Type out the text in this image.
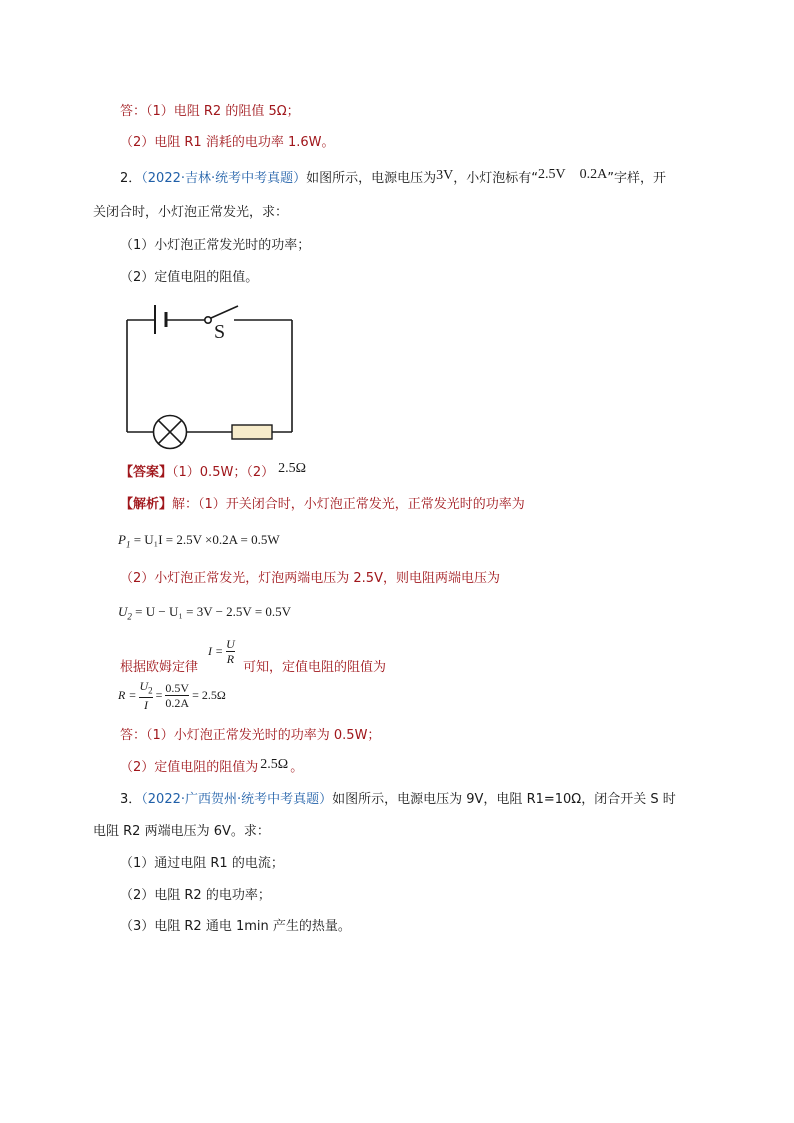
答：（1）电阻 R2 的阻值 5Ω；
（2）电阻 R1 消耗的电功率 1.6W。
2．（2022·吉林·统考中考真题）如图所示，电源电压为3V，小灯泡标有“2.5V 0.2A”字样，开
关闭合时，小灯泡正常发光，求：
（1）小灯泡正常发光时的功率；
（2）定值电阻的阻值。
S
【答案】（1）0.5W；（2） 2.5Ω
【解析】解：（1）开关闭合时，小灯泡正常发光，正常发光时的功率为
$P_1 = U_1I = 2.5V \times 0.2A = 0.5W$
（2）小灯泡正常发光，灯泡两端电压为 2.5V，则电阻两端电压为
$U_2 = U - U_1 = 3V - 2.5V = 0.5V$
根据欧姆定律
$I = \frac{U}{R}$
可知，定值电阻的阻值为
$R = \frac{U_2}{I} = \frac{0.5V}{0.2A} = 2.5\Omega$
答：（1）小灯泡正常发光时的功率为 0.5W；
（2）定值电阻的阻值为 2.5Ω 。
3．（2022·广西贺州·统考中考真题）如图所示，电源电压为 9V，电阻 R1=10Ω，闭合开关 S 时
电阻 R2 两端电压为 6V。求：
（1）通过电阻 R1 的电流；
（2）电阻 R2 的电功率；
（3）电阻 R2 通电 1min 产生的热量。
